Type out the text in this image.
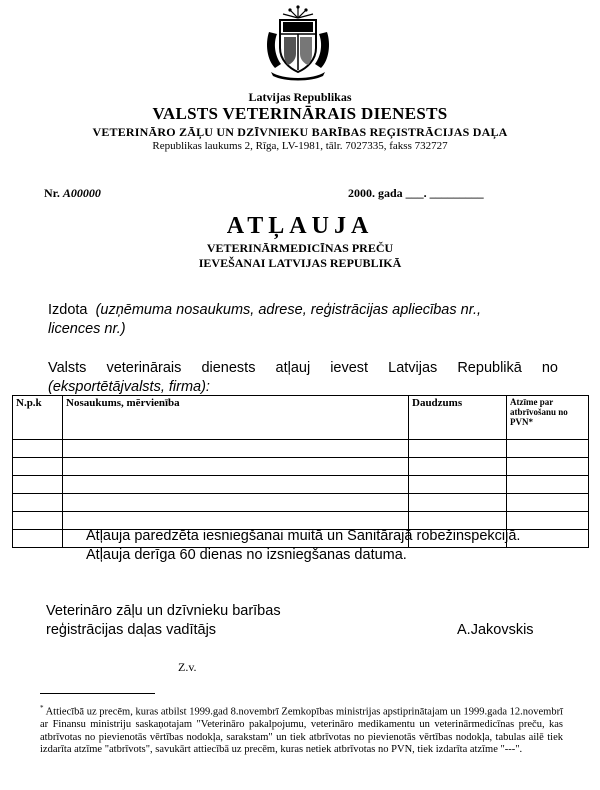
Latvijas Republikas
VALSTS VETERINĀRAIS DIENESTS
VETERINĀRO ZĀĻU UN DZĪVNIEKU BARĪBAS REĢISTRĀCIJAS DAĻA
Republikas laukums 2, Rīga, LV-1981, tālr. 7027335, fakss 732727
Nr. A00000	2000. gada ___. _________
ATĻAUJA
VETERINĀRMEDICĪNAS PREČU
IEVEŠANAI LATVIJAS REPUBLIKĀ
Izdota (uzņēmuma nosaukums, adrese, reģistrācijas apliecības nr.,
licences nr.)
Valsts veterinārais dienests atļauj ievest Latvijas Republikā no
(eksportētājvalsts, firma):
N.p.k	Nosaukums, mērvienība	Daudzums	Atzīme par atbrīvošanu no PVN*

Atļauja paredzēta iesniegšanai muitā un Sanitārajā robežinspekcijā.
Atļauja derīga 60 dienas no izsniegšanas datuma.
Veterināro zāļu un dzīvnieku barības
reģistrācijas daļas vadītājs	A.Jakovskis
Z.v.
* Attiecībā uz precēm, kuras atbilst 1999.gad 8.novembrī Zemkopības ministrijas apstiprinātajam un 1999.gada 12.novembrī ar Finansu ministriju saskaņotajam "Veterināro pakalpojumu, veterināro medikamentu un veterinārmedicīnas preču, kas atbrīvotas no pievienotās vērtības nodokļa, sarakstam" un tiek atbrīvotas no pievienotās vērtības nodokļa, tabulas ailē tiek izdarīta atzīme "atbrīvots", savukārt attiecībā uz precēm, kuras netiek atbrīvotas no PVN, tiek izdarīta atzīme "---".
